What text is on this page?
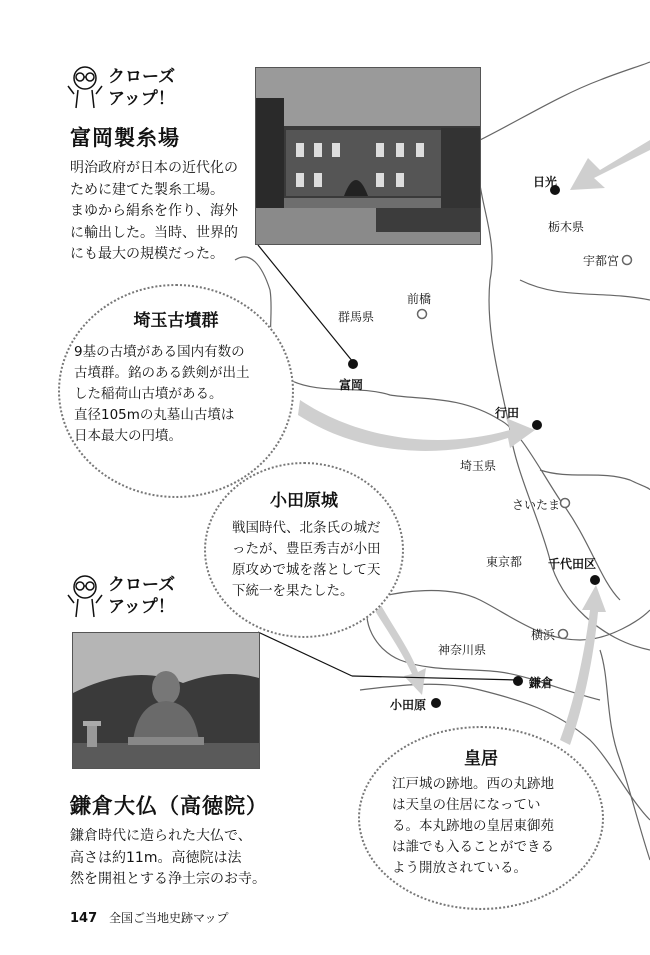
日光
栃木県
宇都宮
前橋
群馬県
富岡
行田
埼玉県
さいたま
東京都 千代田区
横浜
神奈川県
鎌倉
小田原
クローズ
アップ！
富岡製糸場
明治政府が日本の近代化の
ために建てた製糸工場。
まゆから絹糸を作り、海外
に輸出した。当時、世界的
にも最大の規模だった。
埼玉古墳群
9基の古墳がある国内有数の
古墳群。銘のある鉄剣が出土
した稲荷山古墳がある。
直径105mの丸墓山古墳は
日本最大の円墳。
小田原城
戦国時代、北条氏の城だ
ったが、豊臣秀吉が小田
原攻めで城を落として天
下統一を果たした。
クローズ
アップ！
鎌倉大仏（高徳院）
鎌倉時代に造られた大仏で、
高さは約11m。高徳院は法
然を開祖とする浄土宗のお寺。
皇居
江戸城の跡地。西の丸跡地
は天皇の住居になってい
る。本丸跡地の皇居東御苑
は誰でも入ることができる
よう開放されている。
147 全国ご当地史跡マップ
